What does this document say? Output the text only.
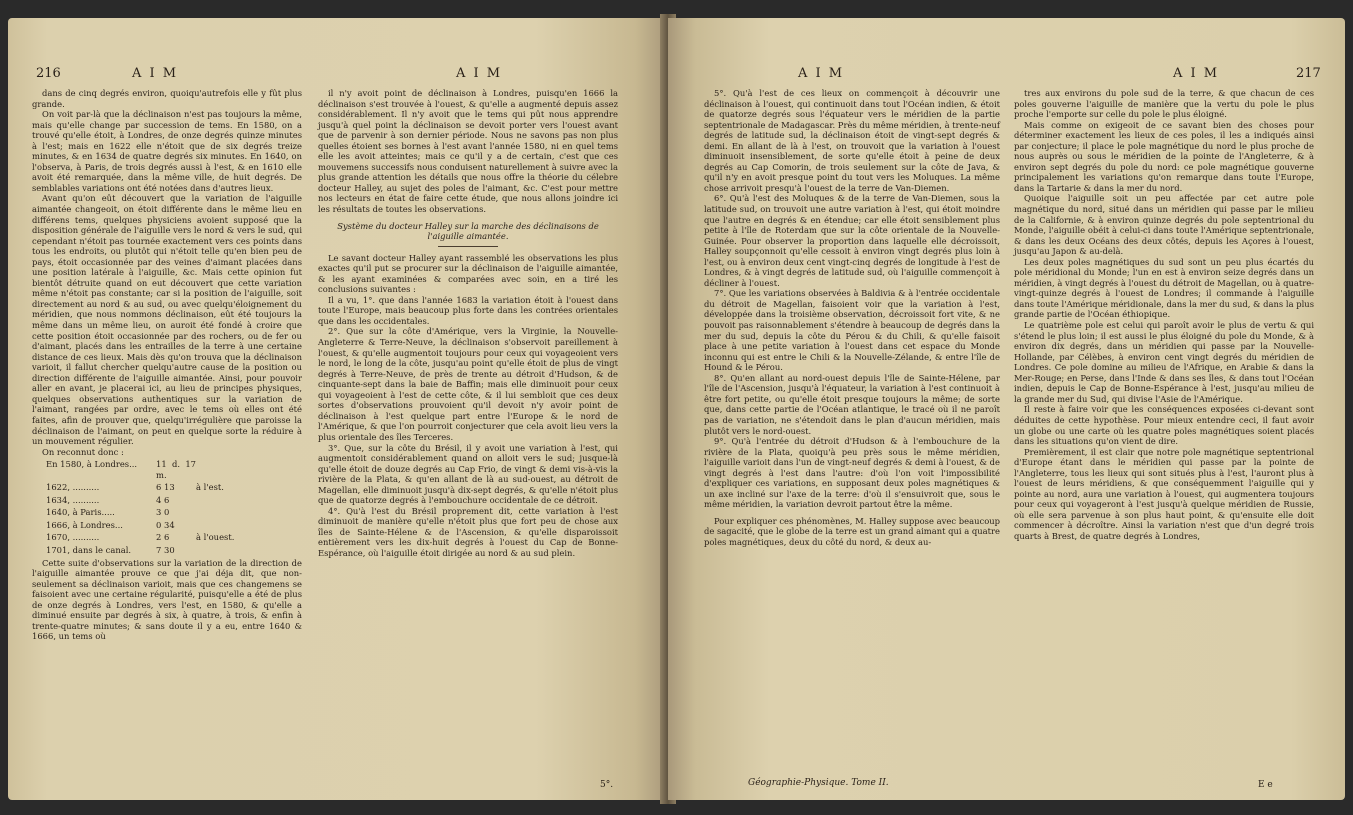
216	A I M	A I M

dans de cinq degrés environ, quoiqu'autrefois elle y fût plus grande.

On voit par-là que la déclinaison n'est pas toujours la même, mais qu'elle change par succession de tems. En 1580, on a trouvé qu'elle étoit, à Londres, de onze degrés quinze minutes à l'est; mais en 1622 elle n'étoit que de six degrés treize minutes, & en 1634 de quatre degrés six minutes. En 1640, on l'observa, à Paris, de trois degrés aussi à l'est, & en 1610 elle avoit été remarquée, dans la même ville, de huit degrés. De semblables variations ont été notées dans d'autres lieux.

Avant qu'on eût découvert que la variation de l'aiguille aimantée changeoit, on étoit différente dans le même lieu en différens tems, quelques physiciens avoient supposé que la disposition générale de l'aiguille vers le nord & vers le sud, qui cependant n'étoit pas tournée exactement vers ces points dans tous les endroits, ou plutôt qui n'étoit telle qu'en bien peu de pays, étoit occasionnée par des veines d'aimant placées dans une position latérale à l'aiguille, &c. Mais cette opinion fut bientôt détruite quand on eut découvert que cette variation même n'étoit pas constante; car si la position de l'aiguille, soit directement au nord & au sud, ou avec quelqu'éloignement du méridien, que nous nommons déclinaison, eût été toujours la même dans un même lieu, on auroit été fondé à croire que cette position étoit occasionnée par des rochers, ou de fer ou d'aimant, placés dans les entrailles de la terre à une certaine distance de ces lieux. Mais dès qu'on trouva que la déclinaison varioit, il fallut chercher quelqu'autre cause de la position ou direction différente de l'aiguille aimantée. Ainsi, pour pouvoir aller en avant, je placerai ici, au lieu de principes physiques, quelques observations authentiques sur la variation de l'aimant, rangées par ordre, avec le tems où elles ont été faites, afin de prouver que, quelqu'irrégulière que paroisse la déclinaison de l'aimant, on peut en quelque sorte la réduire à un mouvement régulier.

On reconnut donc :

En 1580, à Londres...	11 d. 17 m.
1622, ..........	6 13	à l'est.
1634, ..........	4 6
1640, à Paris.....	3 0
1666, à Londres...	0 34
1670, ..........	2 6	à l'ouest.
1701, dans le canal.	7 30

Cette suite d'observations sur la variation de la direction de l'aiguille aimantée prouve ce que j'ai déja dit, que non-seulement sa déclinaison varioit, mais que ces changemens se faisoient avec une certaine régularité, puisqu'elle a été de plus de onze degrés à Londres, vers l'est, en 1580, & qu'elle a diminué ensuite par degrés à six, à quatre, à trois, & enfin à trente-quatre minutes; & sans doute il y a eu, entre 1640 & 1666, un tems où

il n'y avoit point de déclinaison à Londres, puisqu'en 1666 la déclinaison s'est trouvée à l'ouest, & qu'elle a augmenté depuis assez considérablement. Il n'y avoit que le tems qui pût nous apprendre jusqu'à quel point la déclinaison se devoit porter vers l'ouest avant que de parvenir à son dernier période. Nous ne savons pas non plus quelles étoient ses bornes à l'est avant l'année 1580, ni en quel tems elle les avoit atteintes; mais ce qu'il y a de certain, c'est que ces mouvemens successifs nous conduisent naturellement à suivre avec la plus grande attention les détails que nous offre la théorie du célebre docteur Halley, au sujet des poles de l'aimant, &c. C'est pour mettre nos lecteurs en état de faire cette étude, que nous allons joindre ici les résultats de toutes les observations.

Système du docteur Halley sur la marche des déclinaisons de l'aiguille aimantée.

Le savant docteur Halley ayant rassemblé les observations les plus exactes qu'il put se procurer sur la déclinaison de l'aiguille aimantée, & les ayant examinées & comparées avec soin, en a tiré les conclusions suivantes :

Il a vu, 1°. que dans l'année 1683 la variation étoit à l'ouest dans toute l'Europe, mais beaucoup plus forte dans les contrées orientales que dans les occidentales.

2°. Que sur la côte d'Amérique, vers la Virginie, la Nouvelle-Angleterre & Terre-Neuve, la déclinaison s'observoit pareillement à l'ouest, & qu'elle augmentoit toujours pour ceux qui voyageoient vers le nord, le long de la côte, jusqu'au point qu'elle étoit de plus de vingt degrés à Terre-Neuve, de près de trente au détroit d'Hudson, & de cinquante-sept dans la baie de Baffin; mais elle diminuoit pour ceux qui voyageoient à l'est de cette côte, & il lui sembloit que ces deux sortes d'observations prouvoient qu'il devoit n'y avoir point de déclinaison à l'est quelque part entre l'Europe & le nord de l'Amérique, & que l'on pourroit conjecturer que cela avoit lieu vers la plus orientale des îles Terceres.

3°. Que, sur la côte du Brésil, il y avoit une variation à l'est, qui augmentoit considérablement quand on alloit vers le sud; jusque-là qu'elle étoit de douze degrés au Cap Frio, de vingt & demi vis-à-vis la rivière de la Plata, & qu'en allant de là au sud-ouest, au détroit de Magellan, elle diminuoit jusqu'à dix-sept degrés, & qu'elle n'étoit plus que de quatorze degrés à l'embouchure occidentale de ce détroit.

4°. Qu'à l'est du Brésil proprement dit, cette variation à l'est diminuoit de manière qu'elle n'étoit plus que fort peu de chose aux îles de Sainte-Hélene & de l'Ascension, & qu'elle disparoissoit entièrement vers les dix-huit degrés à l'ouest du Cap de Bonne-Espérance, où l'aiguille étoit dirigée au nord & au sud plein.

5°.
A I M	A I M	217

5°. Qu'à l'est de ces lieux on commençoit à découvrir une déclinaison à l'ouest, qui continuoit dans tout l'Océan indien, & étoit de quatorze degrés sous l'équateur vers le méridien de la partie septentrionale de Madagascar. Près du même méridien, à trente-neuf degrés de latitude sud, la déclinaison étoit de vingt-sept degrés & demi. En allant de là à l'est, on trouvoit que la variation à l'ouest diminuoit insensiblement, de sorte qu'elle étoit à peine de deux degrés au Cap Comorin, de trois seulement sur la côte de Java, & qu'il n'y en avoit presque point du tout vers les Moluques. La même chose arrivoit presqu'à l'ouest de la terre de Van-Diemen.

6°. Qu'à l'est des Moluques & de la terre de Van-Diemen, sous la latitude sud, on trouvoit une autre variation à l'est, qui étoit moindre que l'autre en degrés & en étendue; car elle étoit sensiblement plus petite à l'île de Roterdam que sur la côte orientale de la Nouvelle-Guinée. Pour observer la proportion dans laquelle elle décroissoit, Halley soupçonnoit qu'elle cessoit à environ vingt degrés plus loin à l'est, ou à environ deux cent vingt-cinq degrés de longitude à l'est de Londres, & à vingt degrés de latitude sud, où l'aiguille commençoit à décliner à l'ouest.

7°. Que les variations observées à Baldivia & à l'entrée occidentale du détroit de Magellan, faisoient voir que la variation à l'est, développée dans la troisième observation, décroissoit fort vite, & ne pouvoit pas raisonnablement s'étendre à beaucoup de degrés dans la mer du sud, depuis la côte du Pérou & du Chili, & qu'elle faisoit place à une petite variation à l'ouest dans cet espace du Monde inconnu qui est entre le Chili & la Nouvelle-Zélande, & entre l'île de Hound & le Pérou.

8°. Qu'en allant au nord-ouest depuis l'île de Sainte-Hélene, par l'île de l'Ascension, jusqu'à l'équateur, la variation à l'est continuoit à être fort petite, ou qu'elle étoit presque toujours la même; de sorte que, dans cette partie de l'Océan atlantique, le tracé où il ne paroît pas de variation, ne s'étendoit dans le plan d'aucun méridien, mais plutôt vers le nord-ouest.

9°. Qu'à l'entrée du détroit d'Hudson & à l'embouchure de la rivière de la Plata, quoiqu'à peu près sous le même méridien, l'aiguille varioit dans l'un de vingt-neuf degrés & demi à l'ouest, & de vingt degrés à l'est dans l'autre: d'où l'on voit l'impossibilité d'expliquer ces variations, en supposant deux poles magnétiques & un axe incliné sur l'axe de la terre: d'où il s'ensuivroit que, sous le même méridien, la variation devroit partout être la même.

Pour expliquer ces phénomènes, M. Halley suppose avec beaucoup de sagacité, que le globe de la terre est un grand aimant qui a quatre poles magnétiques, deux du côté du nord, & deux au-

Géographie-Physique. Tome II.

tres aux environs du pole sud de la terre, & que chacun de ces poles gouverne l'aiguille de manière que la vertu du pole le plus proche l'emporte sur celle du pole le plus éloigné.

Mais comme on exigeoit de ce savant bien des choses pour déterminer exactement les lieux de ces poles, il les a indiqués ainsi par conjecture; il place le pole magnétique du nord le plus proche de nous auprès ou sous le méridien de la pointe de l'Angleterre, & à environ sept degrés du pole du nord: ce pole magnétique gouverne principalement les variations qu'on remarque dans toute l'Europe, dans la Tartarie & dans la mer du nord.

Quoique l'aiguille soit un peu affectée par cet autre pole magnétique du nord, situé dans un méridien qui passe par le milieu de la Californie, & à environ quinze degrés du pole septentrional du Monde, l'aiguille obéit à celui-ci dans toute l'Amérique septentrionale, & dans les deux Océans des deux côtés, depuis les Açores à l'ouest, jusqu'au Japon & au-delà.

Les deux poles magnétiques du sud sont un peu plus écartés du pole méridional du Monde; l'un en est à environ seize degrés dans un méridien, à vingt degrés à l'ouest du détroit de Magellan, ou à quatre-vingt-quinze degrés à l'ouest de Londres; il commande à l'aiguille dans toute l'Amérique méridionale, dans la mer du sud, & dans la plus grande partie de l'Océan éthiopique.

Le quatrième pole est celui qui paroît avoir le plus de vertu & qui s'étend le plus loin; il est aussi le plus éloigné du pole du Monde, & à environ dix degrés, dans un méridien qui passe par la Nouvelle-Hollande, par Célèbes, à environ cent vingt degrés du méridien de Londres. Ce pole domine au milieu de l'Afrique, en Arabie & dans la Mer-Rouge; en Perse, dans l'Inde & dans ses îles, & dans tout l'Océan indien, depuis le Cap de Bonne-Espérance à l'est, jusqu'au milieu de la grande mer du Sud, qui divise l'Asie de l'Amérique.

Il reste à faire voir que les conséquences exposées ci-devant sont déduites de cette hypothèse. Pour mieux entendre ceci, il faut avoir un globe ou une carte où les quatre poles magnétiques soient placés dans les situations qu'on vient de dire.

Premièrement, il est clair que notre pole magnétique septentrional d'Europe étant dans le méridien qui passe par la pointe de l'Angleterre, tous les lieux qui sont situés plus à l'est, l'auront plus à l'ouest de leurs méridiens, & que conséquemment l'aiguille qui y pointe au nord, aura une variation à l'ouest, qui augmentera toujours pour ceux qui voyageront à l'est jusqu'à quelque méridien de Russie, où elle sera parvenue à son plus haut point, & qu'ensuite elle doit commencer à décroître. Ainsi la variation n'est que d'un degré trois quarts à Brest, de quatre degrés à Londres,

E e
